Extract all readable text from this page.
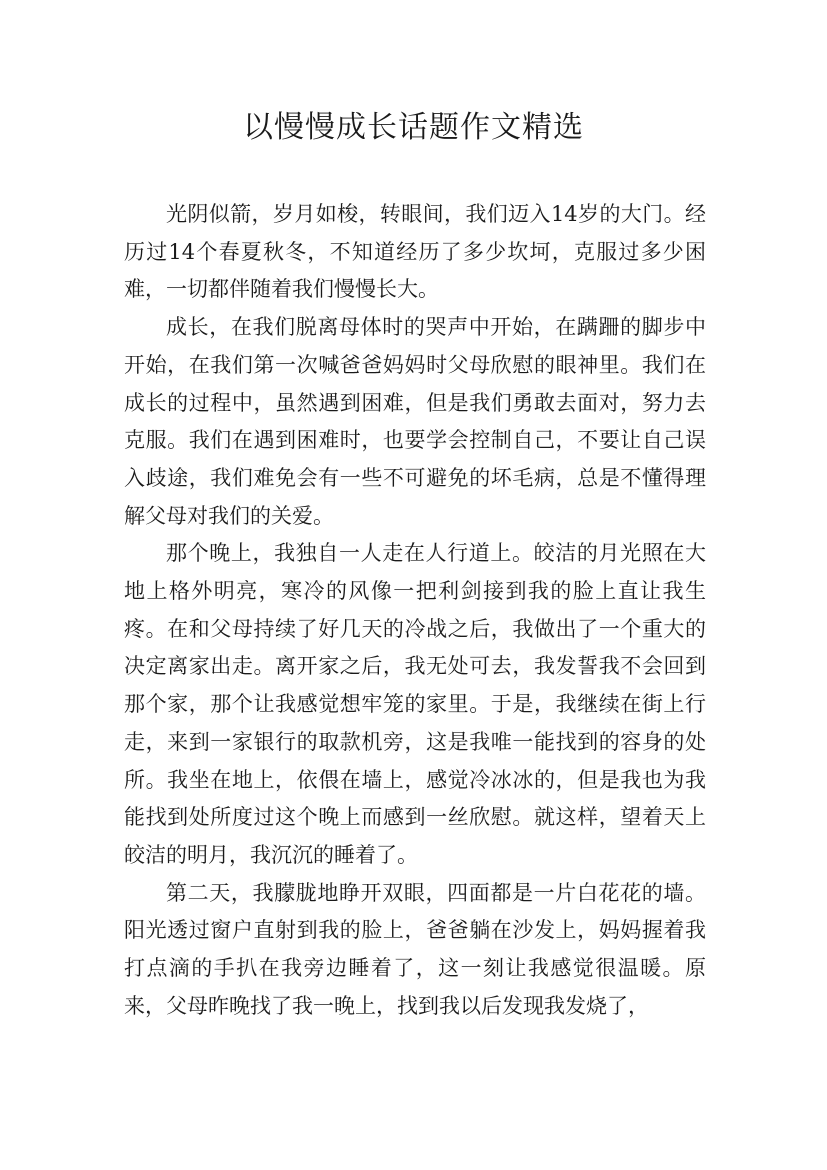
以慢慢成长话题作文精选

光阴似箭，岁月如梭，转眼间，我们迈入14岁的大门。经历过14个春夏秋冬，不知道经历了多少坎坷，克服过多少困难，一切都伴随着我们慢慢长大。

成长，在我们脱离母体时的哭声中开始，在蹒跚的脚步中开始，在我们第一次喊爸爸妈妈时父母欣慰的眼神里。我们在成长的过程中，虽然遇到困难，但是我们勇敢去面对，努力去克服。我们在遇到困难时，也要学会控制自己，不要让自己误入歧途，我们难免会有一些不可避免的坏毛病，总是不懂得理解父母对我们的关爱。

那个晚上，我独自一人走在人行道上。皎洁的月光照在大地上格外明亮，寒冷的风像一把利剑接到我的脸上直让我生疼。在和父母持续了好几天的冷战之后，我做出了一个重大的决定离家出走。离开家之后，我无处可去，我发誓我不会回到那个家，那个让我感觉想牢笼的家里。于是，我继续在街上行走，来到一家银行的取款机旁，这是我唯一能找到的容身的处所。我坐在地上，依偎在墙上，感觉冷冰冰的，但是我也为我能找到处所度过这个晚上而感到一丝欣慰。就这样，望着天上皎洁的明月，我沉沉的睡着了。

第二天，我朦胧地睁开双眼，四面都是一片白花花的墙。阳光透过窗户直射到我的脸上，爸爸躺在沙发上，妈妈握着我打点滴的手扒在我旁边睡着了，这一刻让我感觉很温暖。原来，父母昨晚找了我一晚上，找到我以后发现我发烧了，
